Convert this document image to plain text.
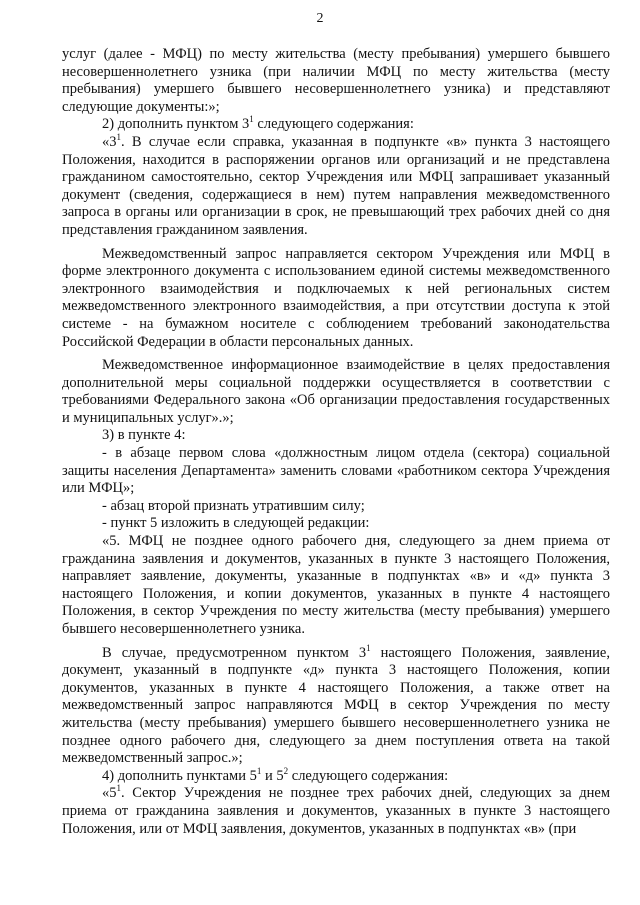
2

услуг (далее - МФЦ) по месту жительства (месту пребывания) умершего бывшего несовершеннолетнего узника (при наличии МФЦ по месту жительства (месту пребывания) умершего бывшего несовершеннолетнего узника) и представляют следующие документы:»;

2) дополнить пунктом $3^1$ следующего содержания:

«$3^1$. В случае если справка, указанная в подпункте «в» пункта 3 настоящего Положения, находится в распоряжении органов или организаций и не представлена гражданином самостоятельно, сектор Учреждения или МФЦ запрашивает указанный документ (сведения, содержащиеся в нем) путем направления межведомственного запроса в органы или организации в срок, не превышающий трех рабочих дней со дня представления гражданином заявления.

Межведомственный запрос направляется сектором Учреждения или МФЦ в форме электронного документа с использованием единой системы межведомственного электронного взаимодействия и подключаемых к ней региональных систем межведомственного электронного взаимодействия, а при отсутствии доступа к этой системе - на бумажном носителе с соблюдением требований законодательства Российской Федерации в области персональных данных.

Межведомственное информационное взаимодействие в целях предоставления дополнительной меры социальной поддержки осуществляется в соответствии с требованиями Федерального закона «Об организации предоставления государственных и муниципальных услуг».»;

3) в пункте 4:

- в абзаце первом слова «должностным лицом отдела (сектора) социальной защиты населения Департамента» заменить словами «работником сектора Учреждения или МФЦ»;

- абзац второй признать утратившим силу;

- пункт 5 изложить в следующей редакции:

«5. МФЦ не позднее одного рабочего дня, следующего за днем приема от гражданина заявления и документов, указанных в пункте 3 настоящего Положения, направляет заявление, документы, указанные в подпунктах «в» и «д» пункта 3 настоящего Положения, и копии документов, указанных в пункте 4 настоящего Положения, в сектор Учреждения по месту жительства (месту пребывания) умершего бывшего несовершеннолетнего узника.

В случае, предусмотренном пунктом $3^1$ настоящего Положения, заявление, документ, указанный в подпункте «д» пункта 3 настоящего Положения, копии документов, указанных в пункте 4 настоящего Положения, а также ответ на межведомственный запрос направляются МФЦ в сектор Учреждения по месту жительства (месту пребывания) умершего бывшего несовершеннолетнего узника не позднее одного рабочего дня, следующего за днем поступления ответа на такой межведомственный запрос.»;

4) дополнить пунктами $5^1$ и $5^2$ следующего содержания:

«$5^1$. Сектор Учреждения не позднее трех рабочих дней, следующих за днем приема от гражданина заявления и документов, указанных в пункте 3 настоящего Положения, или от МФЦ заявления, документов, указанных в подпунктах «в» (при
